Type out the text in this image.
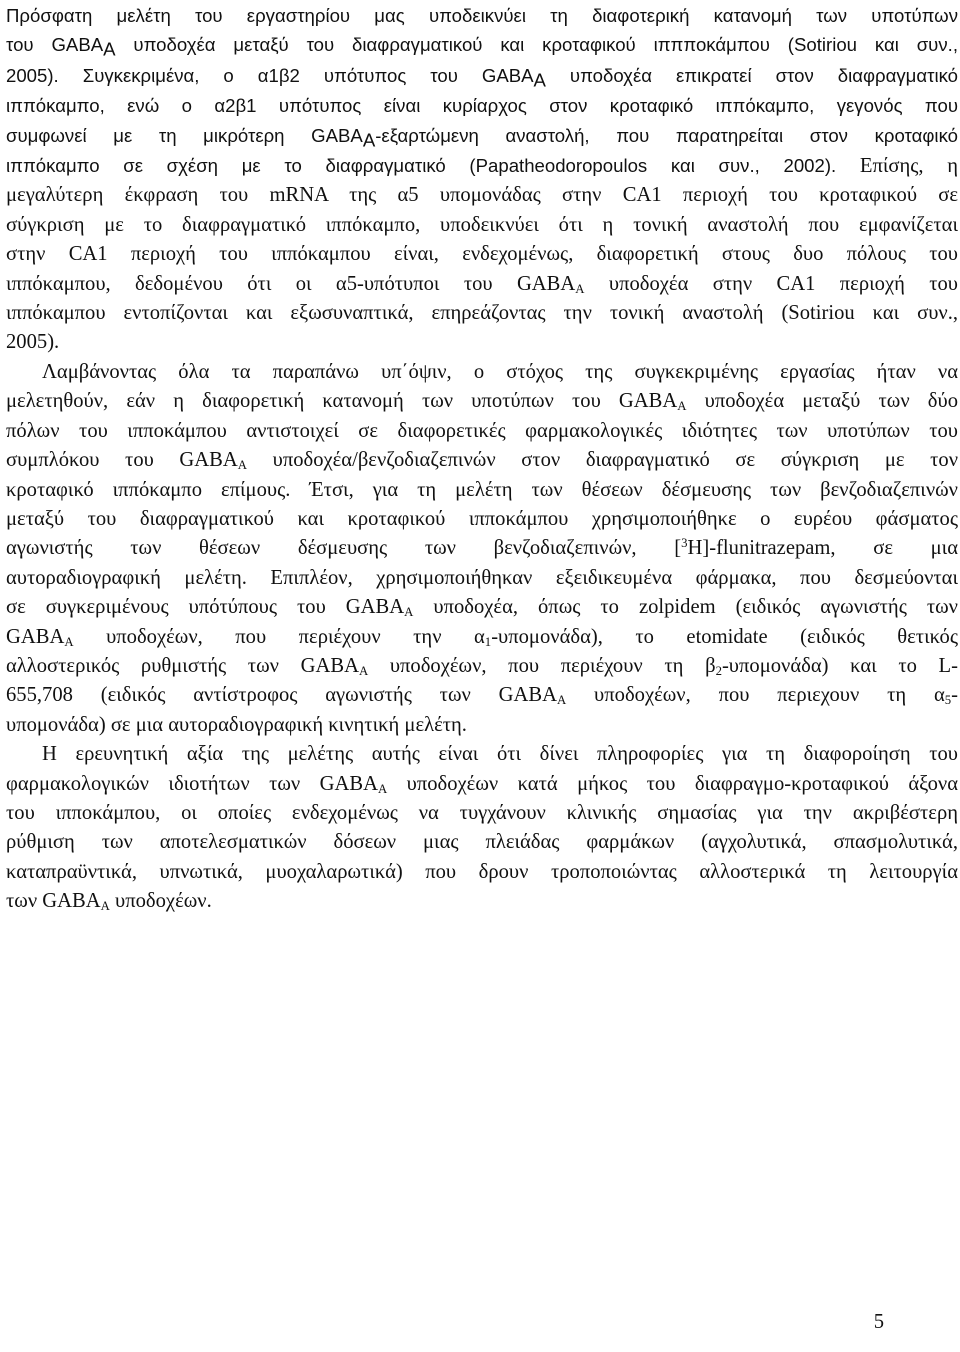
Πρόσφατη μελέτη του εργαστηρίου μας υποδεικνύει τη διαφοτερική κατανομή των υποτύπων
του $GABA_A$ υποδοχέα μεταξύ του διαφραγματικού και κροταφικού ιππποκάμπου (Sotiriou και συν.,
2005). Συγκεκριμένα, ο α1β2 υπότυπος του $GABA_A$ υποδοχέα επικρατεί στον διαφραγματικό
ιππόκαμπο, ενώ ο α2β1 υπότυπος είναι κυρίαρχος στον κροταφικό ιππόκαμπο, γεγονός που
συμφωνεί με τη μικρότερη $GABA_A$-εξαρτώμενη αναστολή, που παρατηρείται στον κροταφικό
ιππόκαμπο σε σχέση με το διαφραγματικό (Papatheodoropoulos και συν., 2002). Επίσης, η
μεγαλύτερη έκφραση του mRNA της α5 υπομονάδας στην CA1 περιοχή του κροταφικού σε
σύγκριση με το διαφραγματικό ιππόκαμπο, υποδεικνύει ότι η τονική αναστολή που εμφανίζεται
στην CA1 περιοχή του ιππόκαμπου είναι, ενδεχομένως, διαφορετική στους δυο πόλους του
ιππόκαμπου, δεδομένου ότι οι α5-υπότυποι του $GABA_A$ υποδοχέα στην CA1 περιοχή του
ιππόκαμπου εντοπίζονται και εξωσυναπτικά, επηρεάζοντας την τονική αναστολή (Sotiriou και συν.,
2005).

Λαμβάνοντας όλα τα παραπάνω υπ΄όψιν, ο στόχος της συγκεκριμένης εργασίας ήταν να
μελετηθούν, εάν η διαφορετική κατανομή των υποτύπων του $GABA_A$ υποδοχέα μεταξύ των δύο
πόλων του ιπποκάμπου αντιστοιχεί σε διαφορετικές φαρμακολογικές ιδιότητες των υποτύπων του
συμπλόκου του $GABA_A$ υποδοχέα/βενζοδιαζεπινών στον διαφραγματικό σε σύγκριση με τον
κροταφικό ιππόκαμπο επίμους. Έτσι, για τη μελέτη των θέσεων δέσμευσης των βενζοδιαζεπινών
μεταξύ του διαφραγματικού και κροταφικού ιπποκάμπου χρησιμοποιήθηκε ο ευρέου φάσματος
αγωνιστής των θέσεων δέσμευσης των βενζοδιαζεπινών, [$^3$H]-flunitrazepam, σε μια
αυτοραδιογραφική μελέτη. Επιπλέον, χρησιμοποιήθηκαν εξειδικευμένα φάρμακα, που δεσμεύονται
σε συγκεριμένους υπότύπους του $GABA_A$ υποδοχέα, όπως το zolpidem (ειδικός αγωνιστής των
$GABA_A$ υποδοχέων, που περιέχουν την $\alpha_1-\upsilon\pi o\mu o\nu ά\delta\alpha$), το etomidate (ειδικός θετικός
αλλοστερικός ρυθμιστής των $GABA_A$ υποδοχέων, που περιέχουν τη $\beta_2-\upsilon\pi o\mu o\nu ά\delta\alpha$) και το L-
655,708 (ειδικός αντίστροφος αγωνιστής των $GABA_A$ υποδοχέων, που περιεχουν τη $\alpha_5-$
υπομονάδα) σε μια αυτοραδιογραφική κινητική μελέτη.

Η ερευνητική αξία της μελέτης αυτής είναι ότι δίνει πληροφορίες για τη διαφοροίηση του
φαρμακολογικών ιδιοτήτων των $GABA_A$ υποδοχέων κατά μήκος του διαφραγμο-κροταφικού άξονα
του ιπποκάμπου, οι οποίες ενδεχομένως να τυγχάνουν κλινικής σημασίας για την ακριβέστερη
ρύθμιση των αποτελεσματικών δόσεων μιας πλειάδας φαρμάκων (αγχολυτικά, σπασμολυτικά,
καταπραϋντικά, υπνωτικά, μυοχαλαρωτικά) που δρουν τροποποιώντας αλλοστερικά τη λειτουργία
των $GABA_A$ υποδοχέων.

5
